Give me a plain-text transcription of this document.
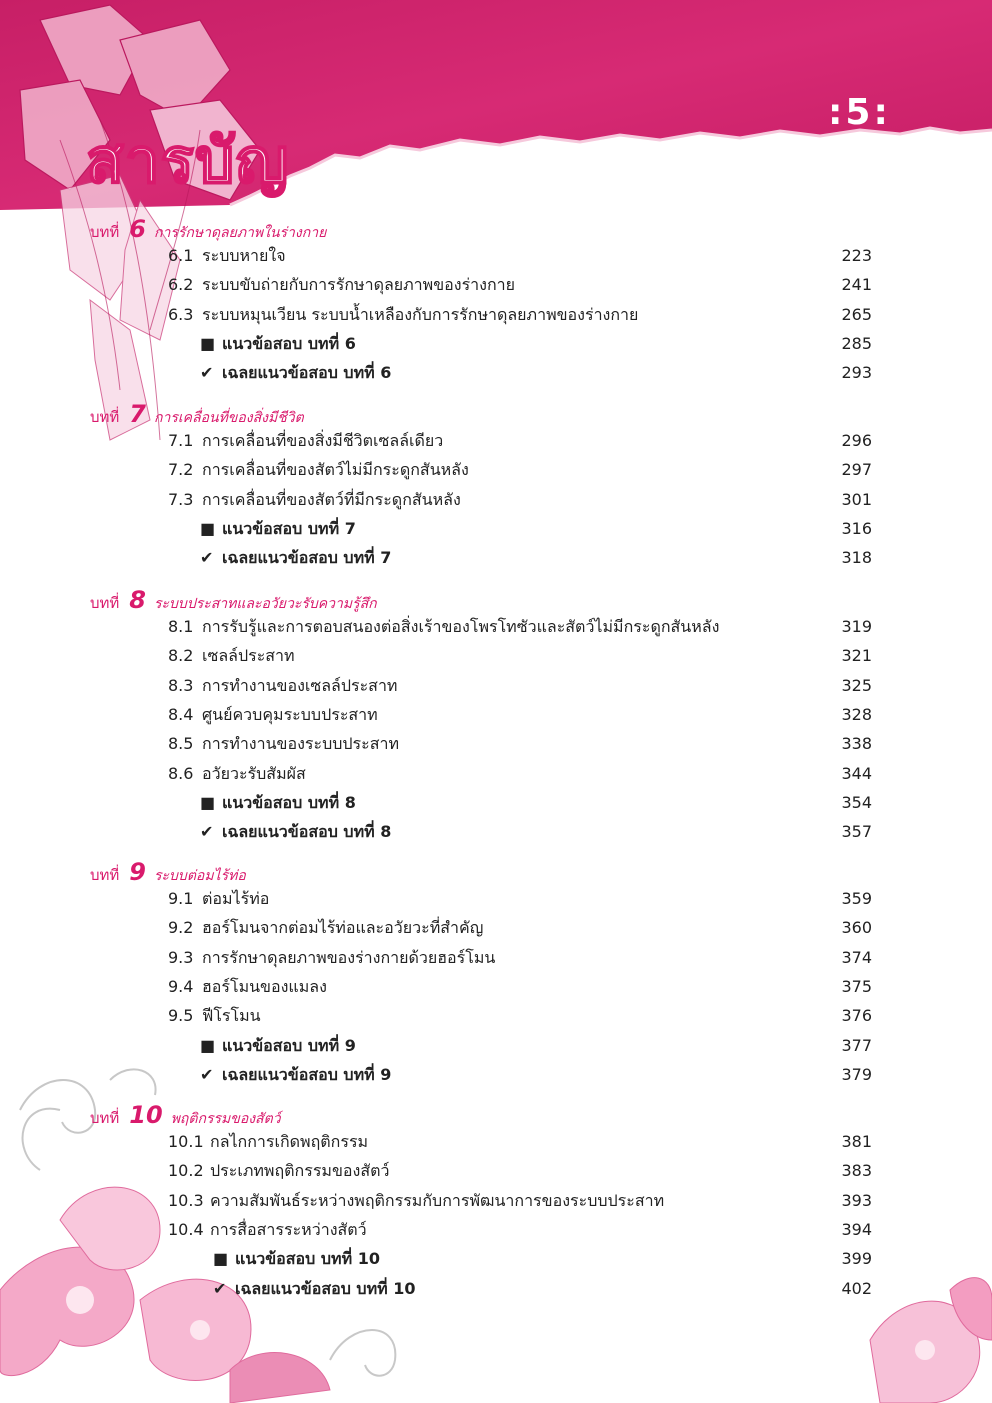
:5:
สารบัญ
บทที่ 6 การรักษาดุลยภาพในร่างกาย
6.1 ระบบหายใจ	223
6.2 ระบบขับถ่ายกับการรักษาดุลยภาพของร่างกาย	241
6.3 ระบบหมุนเวียน ระบบน้ำเหลืองกับการรักษาดุลยภาพของร่างกาย	265
■ แนวข้อสอบ บทที่ 6	285
✔ เฉลยแนวข้อสอบ บทที่ 6	293
บทที่ 7 การเคลื่อนที่ของสิ่งมีชีวิต
7.1 การเคลื่อนที่ของสิ่งมีชีวิตเซลล์เดียว	296
7.2 การเคลื่อนที่ของสัตว์ไม่มีกระดูกสันหลัง	297
7.3 การเคลื่อนที่ของสัตว์ที่มีกระดูกสันหลัง	301
■ แนวข้อสอบ บทที่ 7	316
✔ เฉลยแนวข้อสอบ บทที่ 7	318
บทที่ 8 ระบบประสาทและอวัยวะรับความรู้สึก
8.1 การรับรู้และการตอบสนองต่อสิ่งเร้าของโพรโทซัวและสัตว์ไม่มีกระดูกสันหลัง	319
8.2 เซลล์ประสาท	321
8.3 การทำงานของเซลล์ประสาท	325
8.4 ศูนย์ควบคุมระบบประสาท	328
8.5 การทำงานของระบบประสาท	338
8.6 อวัยวะรับสัมผัส	344
■ แนวข้อสอบ บทที่ 8	354
✔ เฉลยแนวข้อสอบ บทที่ 8	357
บทที่ 9 ระบบต่อมไร้ท่อ
9.1 ต่อมไร้ท่อ	359
9.2 ฮอร์โมนจากต่อมไร้ท่อและอวัยวะที่สำคัญ	360
9.3 การรักษาดุลยภาพของร่างกายด้วยฮอร์โมน	374
9.4 ฮอร์โมนของแมลง	375
9.5 ฟีโรโมน	376
■ แนวข้อสอบ บทที่ 9	377
✔ เฉลยแนวข้อสอบ บทที่ 9	379
บทที่ 10 พฤติกรรมของสัตว์
10.1 กลไกการเกิดพฤติกรรม	381
10.2 ประเภทพฤติกรรมของสัตว์	383
10.3 ความสัมพันธ์ระหว่างพฤติกรรมกับการพัฒนาการของระบบประสาท	393
10.4 การสื่อสารระหว่างสัตว์	394
■ แนวข้อสอบ บทที่ 10	399
✔ เฉลยแนวข้อสอบ บทที่ 10	402
